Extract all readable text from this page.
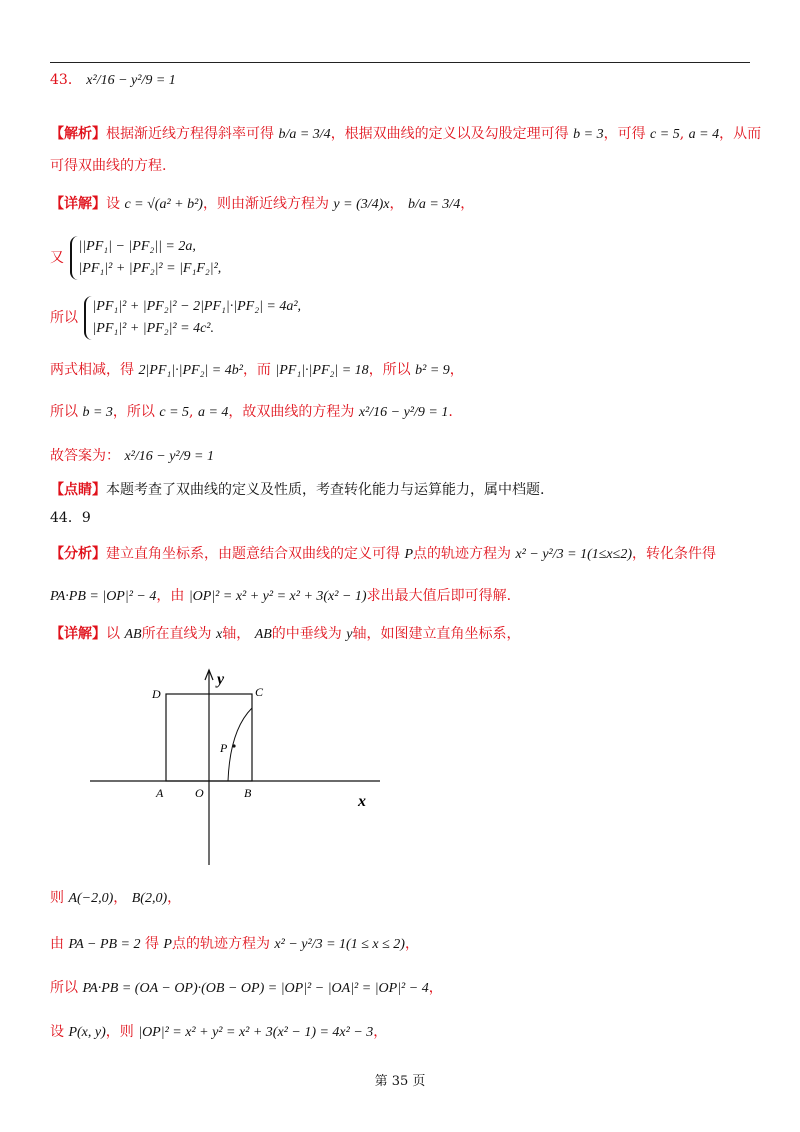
43． x²/16 − y²/9 = 1
【解析】根据渐近线方程得斜率可得 b/a = 3/4，根据双曲线的定义以及勾股定理可得 b = 3，可得 c = 5, a = 4，从而
可得双曲线的方程.
【详解】设 c = √(a² + b²)，则由渐近线方程为 y = (3/4)x， b/a = 3/4，
又 ||PF₁| − |PF₂|| = 2a,
|PF₁|² + |PF₂|² = |F₁F₂|²,
所以 |PF₁|² + |PF₂|² − 2|PF₁|·|PF₂| = 4a²,
|PF₁|² + |PF₂|² = 4c².
两式相减，得 2|PF₁|·|PF₂| = 4b²，而 |PF₁|·|PF₂| = 18，所以 b² = 9，
所以 b = 3，所以 c = 5, a = 4，故双曲线的方程为 x²/16 − y²/9 = 1.
故答案为： x²/16 − y²/9 = 1
【点睛】本题考查了双曲线的定义及性质，考查转化能力与运算能力，属中档题.
44．9
【分析】建立直角坐标系，由题意结合双曲线的定义可得 P点的轨迹方程为 x² − y²/3 = 1(1≤x≤2)，转化条件得
PA·PB = |OP|² − 4，由 |OP|² = x² + y² = x² + 3(x² − 1)求出最大值后即可得解.
【详解】以 AB所在直线为 x轴， AB的中垂线为 y轴，如图建立直角坐标系，
y
x
D	C
A	O	B
P
则 A(−2,0)， B(2,0)，
由 PA − PB = 2 得 P点的轨迹方程为 x² − y²/3 = 1(1 ≤ x ≤ 2)，
所以 PA·PB = (OA − OP)·(OB − OP) = |OP|² − |OA|² = |OP|² − 4，
设 P(x, y)，则 |OP|² = x² + y² = x² + 3(x² − 1) = 4x² − 3，
第 35 页
